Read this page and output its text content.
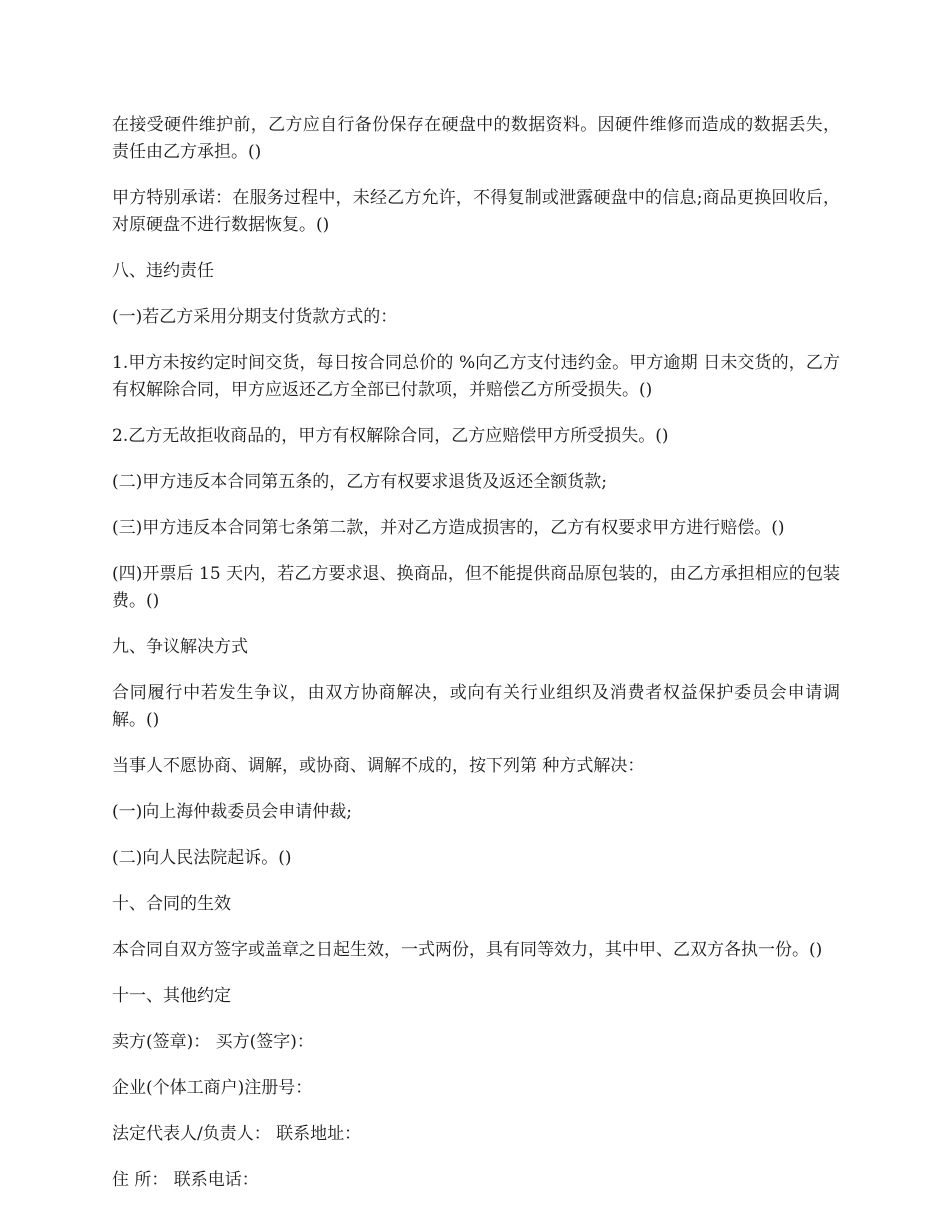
在接受硬件维护前，乙方应自行备份保存在硬盘中的数据资料。因硬件维修而造成的数据丢失，责任由乙方承担。()

甲方特别承诺：在服务过程中，未经乙方允许，不得复制或泄露硬盘中的信息;商品更换回收后，对原硬盘不进行数据恢复。()

八、违约责任

(一)若乙方采用分期支付货款方式的：

1.甲方未按约定时间交货，每日按合同总价的 %向乙方支付违约金。甲方逾期 日未交货的，乙方有权解除合同，甲方应返还乙方全部已付款项，并赔偿乙方所受损失。()

2.乙方无故拒收商品的，甲方有权解除合同，乙方应赔偿甲方所受损失。()

(二)甲方违反本合同第五条的，乙方有权要求退货及返还全额货款;

(三)甲方违反本合同第七条第二款，并对乙方造成损害的，乙方有权要求甲方进行赔偿。()

(四)开票后 15 天内，若乙方要求退、换商品，但不能提供商品原包装的，由乙方承担相应的包装费。()

九、争议解决方式

合同履行中若发生争议，由双方协商解决，或向有关行业组织及消费者权益保护委员会申请调解。()

当事人不愿协商、调解，或协商、调解不成的，按下列第 种方式解决：

(一)向上海仲裁委员会申请仲裁;

(二)向人民法院起诉。()

十、合同的生效

本合同自双方签字或盖章之日起生效，一式两份，具有同等效力，其中甲、乙双方各执一份。()

十一、其他约定

卖方(签章)： 买方(签字)：

企业(个体工商户)注册号：

法定代表人/负责人： 联系地址：

住 所： 联系电话：
